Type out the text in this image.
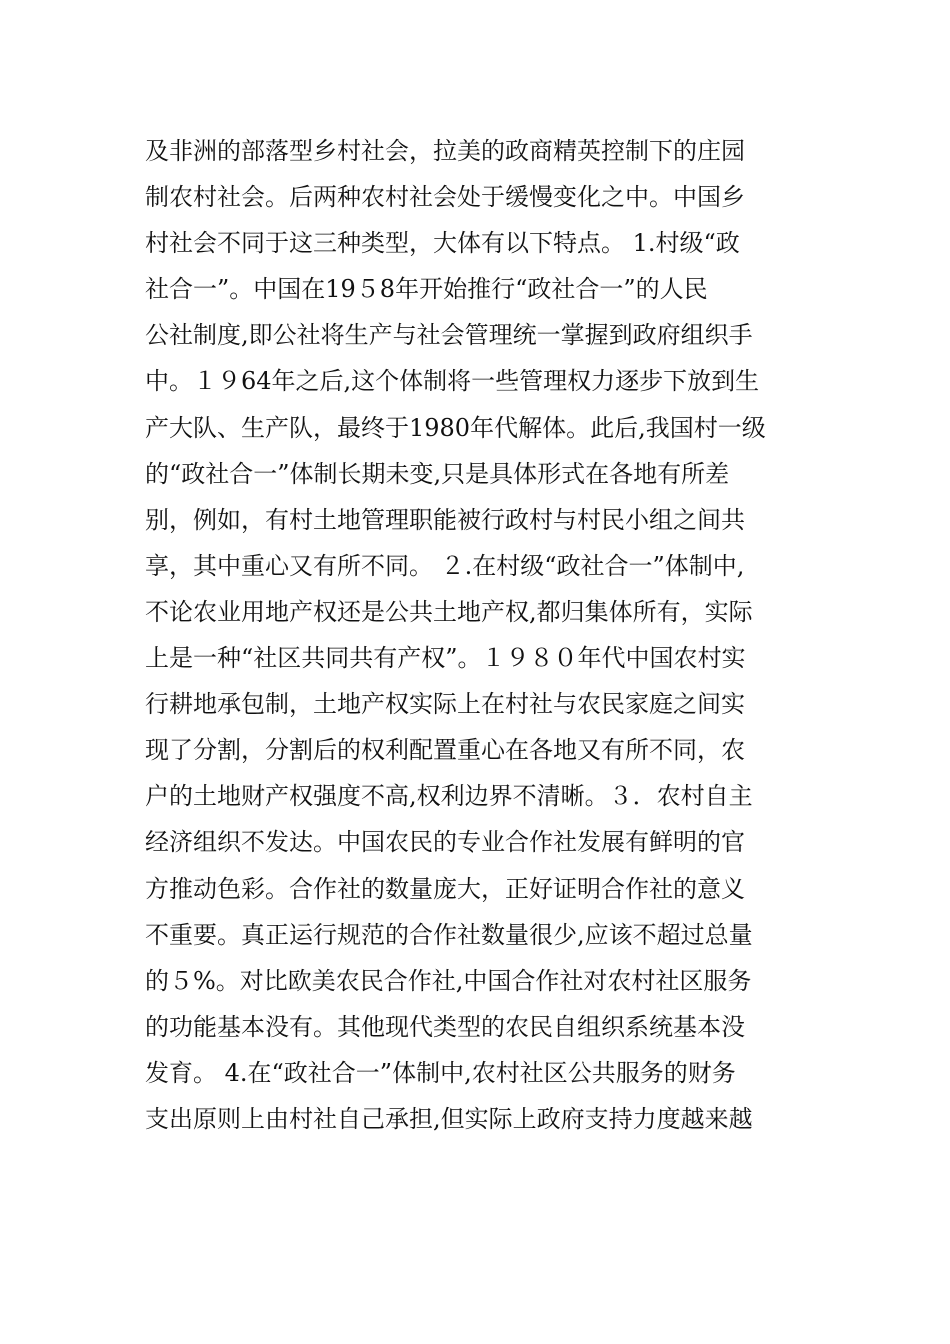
及非洲的部落型乡村社会，拉美的政商精英控制下的庄园
制农村社会。后两种农村社会处于缓慢变化之中。中国乡
村社会不同于这三种类型，大体有以下特点。 1.村级“政
社合一”。中国在19５8年开始推行“政社合一”的人民
公社制度,即公社将生产与社会管理统一掌握到政府组织手
中。１９64年之后,这个体制将一些管理权力逐步下放到生
产大队、生产队，最终于1980年代解体。此后,我国村一级
的“政社合一”体制长期未变,只是具体形式在各地有所差
别，例如，有村土地管理职能被行政村与村民小组之间共
享，其中重心又有所不同。 ２.在村级“政社合一”体制中,
不论农业用地产权还是公共土地产权,都归集体所有，实际
上是一种“社区共同共有产权”。１９８０年代中国农村实
行耕地承包制，土地产权实际上在村社与农民家庭之间实
现了分割，分割后的权利配置重心在各地又有所不同，农
户的土地财产权强度不高,权利边界不清晰。３．农村自主
经济组织不发达。中国农民的专业合作社发展有鲜明的官
方推动色彩。合作社的数量庞大，正好证明合作社的意义
不重要。真正运行规范的合作社数量很少,应该不超过总量
的５%。对比欧美农民合作社,中国合作社对农村社区服务
的功能基本没有。其他现代类型的农民自组织系统基本没
发育。 4.在“政社合一”体制中,农村社区公共服务的财务
支出原则上由村社自己承担,但实际上政府支持力度越来越
